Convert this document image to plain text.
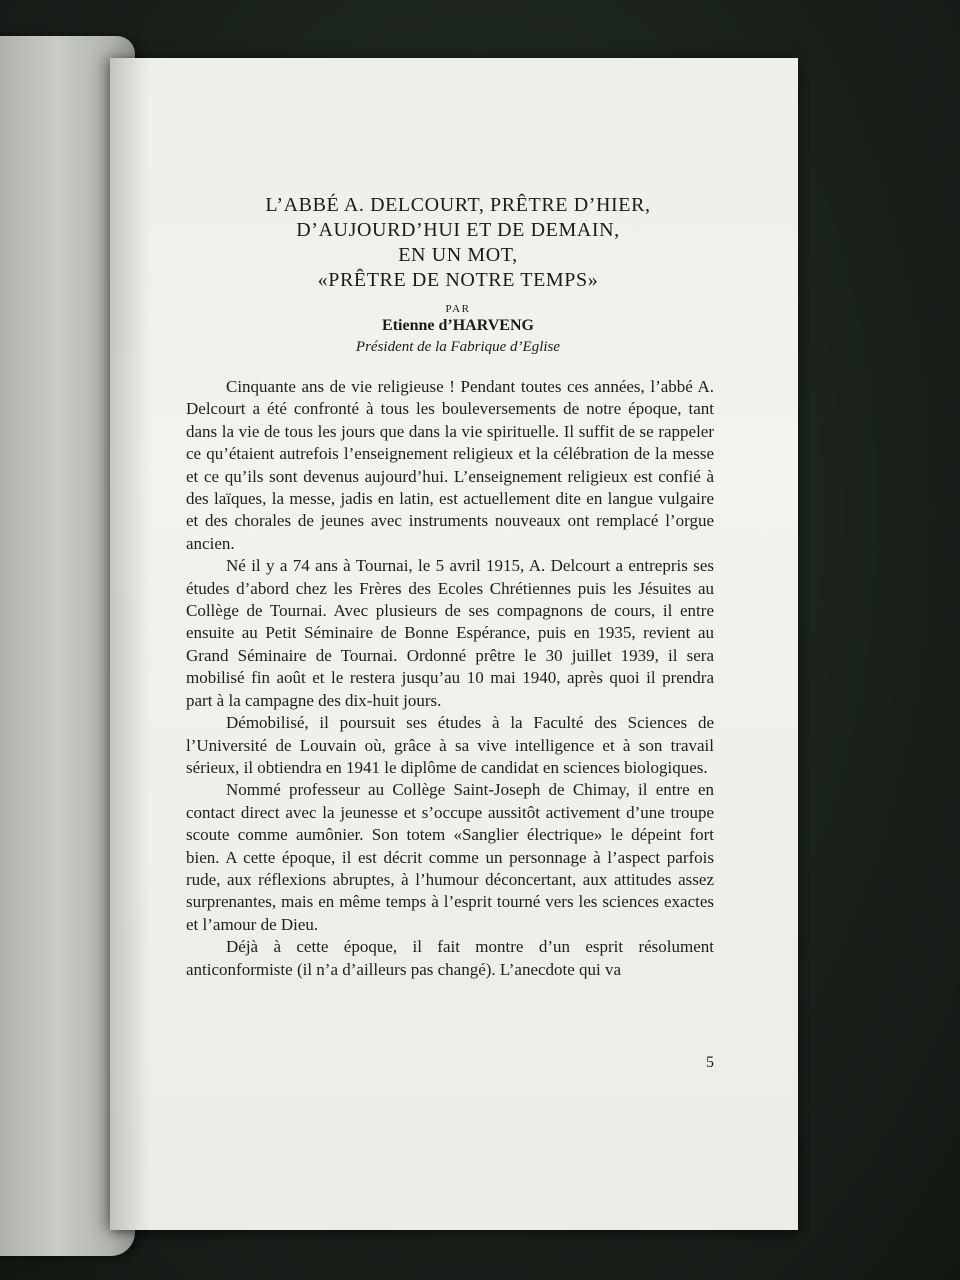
L’ABBÉ A. DELCOURT, PRÊTRE D’HIER,
D’AUJOURD’HUI ET DE DEMAIN,
EN UN MOT,
«PRÊTRE DE NOTRE TEMPS»
PAR
Etienne d’HARVENG
Président de la Fabrique d’Eglise

Cinquante ans de vie religieuse ! Pendant toutes ces années, l’abbé A. Delcourt a été confronté à tous les bouleversements de notre époque, tant dans la vie de tous les jours que dans la vie spirituelle. Il suffit de se rappeler ce qu’étaient autrefois l’enseignement religieux et la célébration de la messe et ce qu’ils sont devenus aujourd’hui. L’enseignement religieux est confié à des laïques, la messe, jadis en latin, est actuellement dite en langue vulgaire et des chorales de jeunes avec instruments nouveaux ont remplacé l’orgue ancien.

Né il y a 74 ans à Tournai, le 5 avril 1915, A. Delcourt a entrepris ses études d’abord chez les Frères des Ecoles Chrétiennes puis les Jésuites au Collège de Tournai. Avec plusieurs de ses compagnons de cours, il entre ensuite au Petit Séminaire de Bonne Espérance, puis en 1935, revient au Grand Séminaire de Tournai. Ordonné prêtre le 30 juillet 1939, il sera mobilisé fin août et le restera jusqu’au 10 mai 1940, après quoi il prendra part à la campagne des dix-huit jours.

Démobilisé, il poursuit ses études à la Faculté des Sciences de l’Université de Louvain où, grâce à sa vive intelligence et à son travail sérieux, il obtiendra en 1941 le diplôme de candidat en sciences biologiques.

Nommé professeur au Collège Saint-Joseph de Chimay, il entre en contact direct avec la jeunesse et s’occupe aussitôt activement d’une troupe scoute comme aumônier. Son totem «Sanglier électrique» le dépeint fort bien. A cette époque, il est décrit comme un personnage à l’aspect parfois rude, aux réflexions abruptes, à l’humour déconcertant, aux attitudes assez surprenantes, mais en même temps à l’esprit tourné vers les sciences exactes et l’amour de Dieu.

Déjà à cette époque, il fait montre d’un esprit résolument anticonformiste (il n’a d’ailleurs pas changé). L’anecdote qui va

5
